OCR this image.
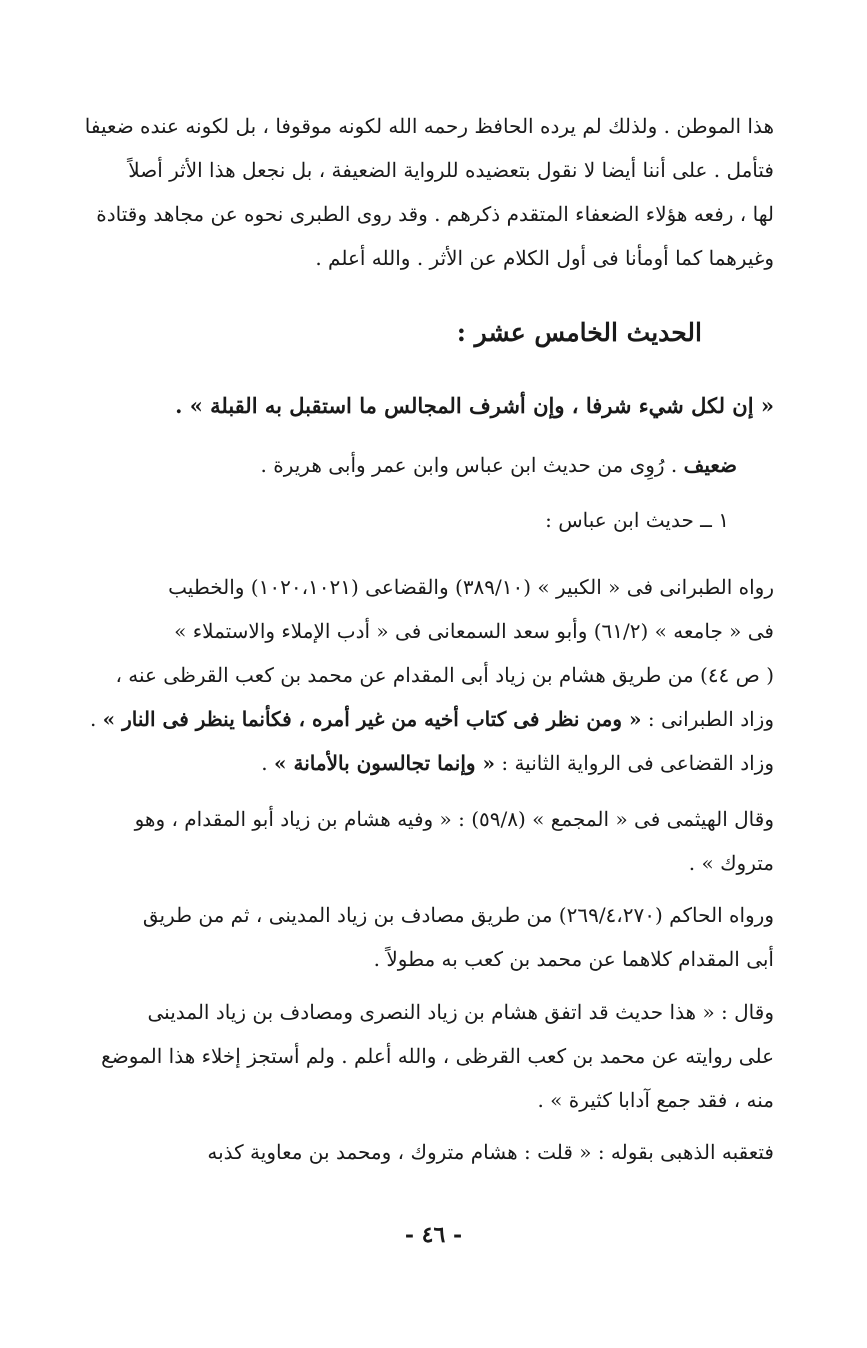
هذا الموطن . ولذلك لم يرده الحافظ رحمه الله لكونه موقوفا ، بل لكونه عنده ضعيفا
فتأمل . على أننا أيضا لا نقول بتعضيده للرواية الضعيفة ، بل نجعل هذا الأثر أصلاً
لها ، رفعه هؤلاء الضعفاء المتقدم ذكرهم . وقد روى الطبرى نحوه عن مجاهد وقتادة
وغيرهما كما أومأنا فى أول الكلام عن الأثر . والله أعلم .
الحديث الخامس عشر :
« إن لكل شيء شرفا ، وإن أشرف المجالس ما استقبل به القبلة » .
ضعيف . رُوِى من حديث ابن عباس وابن عمر وأبى هريرة .
١ ــ حديث ابن عباس :
رواه الطبرانى فى « الكبير » (٣٨٩/١٠) والقضاعى (١٠٢٠،١٠٢١) والخطيب
فى « جامعه » (٦١/٢) وأبو سعد السمعانى فى « أدب الإملاء والاستملاء »
( ص ٤٤) من طريق هشام بن زياد أبى المقدام عن محمد بن كعب القرظى عنه ،
وزاد الطبرانى : « ومن نظر فى كتاب أخيه من غير أمره ، فكأنما ينظر فى النار » .
وزاد القضاعى فى الرواية الثانية : « وإنما تجالسون بالأمانة » .
وقال الهيثمى فى « المجمع » (٥٩/٨) : « وفيه هشام بن زياد أبو المقدام ، وهو
متروك » .
ورواه الحاكم (٢٦٩/٤،٢٧٠) من طريق مصادف بن زياد المدينى ، ثم من طريق
أبى المقدام كلاهما عن محمد بن كعب به مطولاً .
وقال : « هذا حديث قد اتفق هشام بن زياد النصرى ومصادف بن زياد المدينى
على روايته عن محمد بن كعب القرظى ، والله أعلم . ولم أستجز إخلاء هذا الموضع
منه ، فقد جمع آدابا كثيرة » .
فتعقبه الذهبى بقوله : « قلت : هشام متروك ، ومحمد بن معاوية كذبه
- ٤٦ -
